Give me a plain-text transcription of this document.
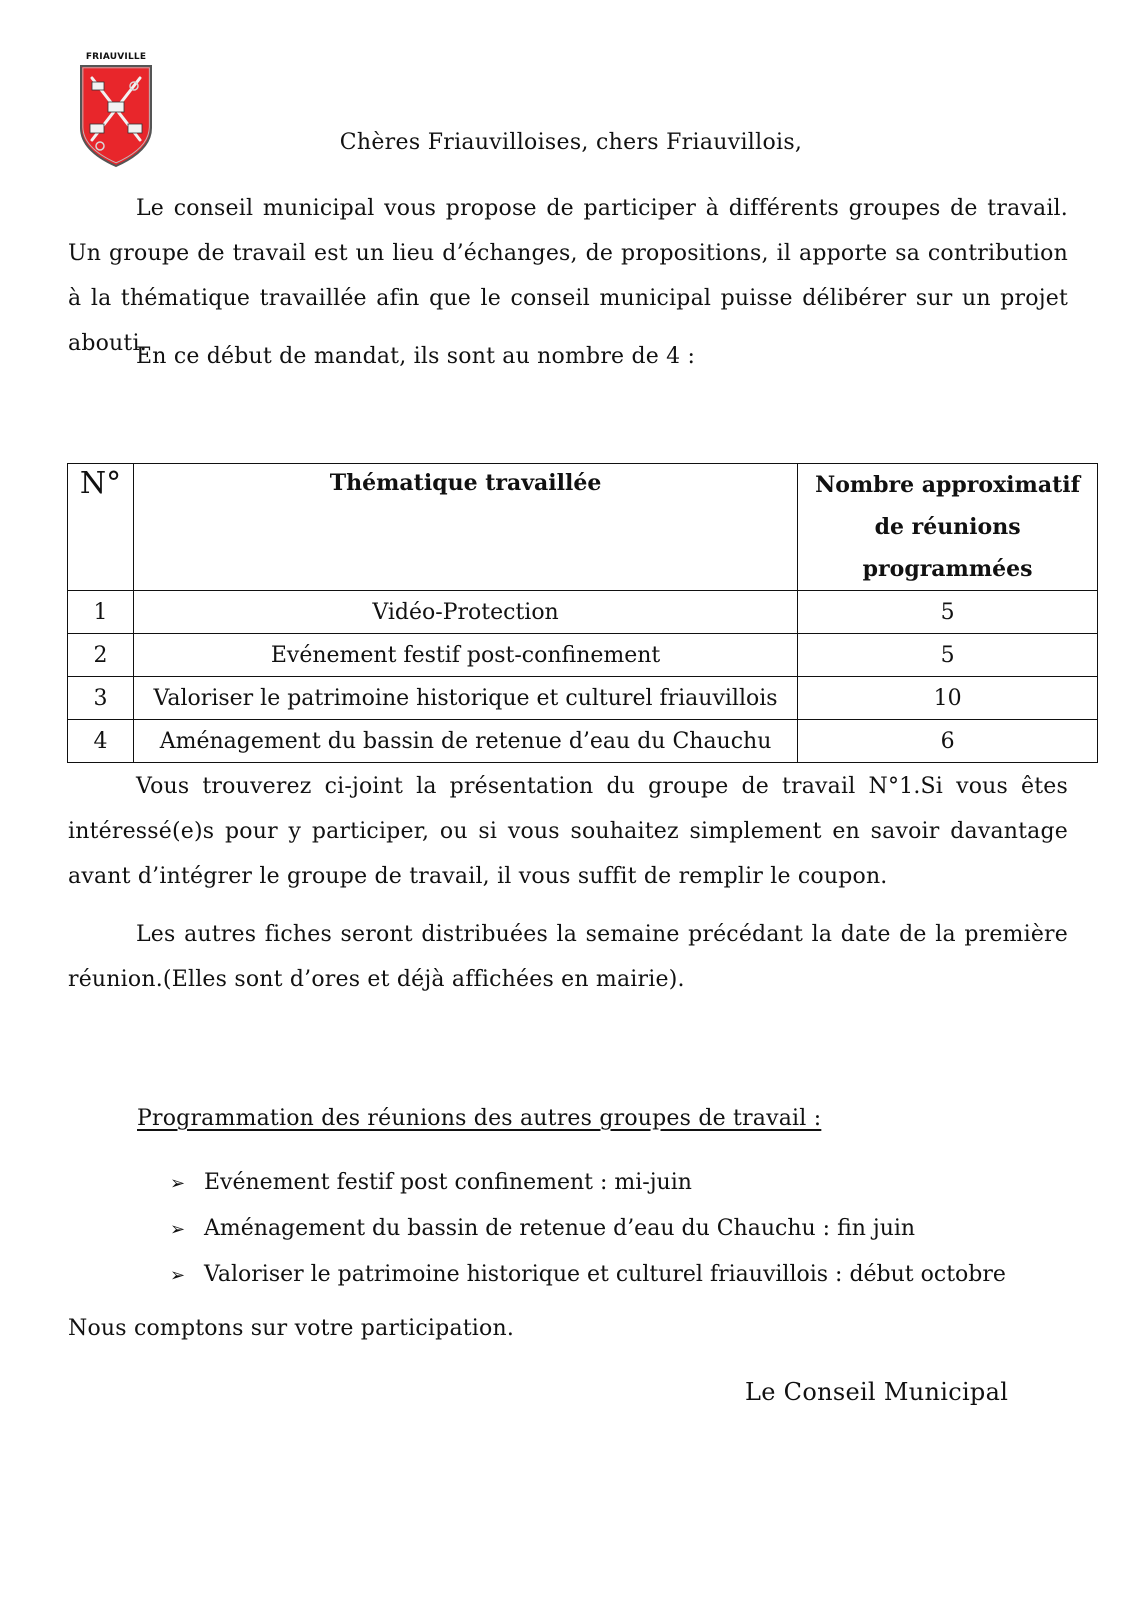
FRIAUVILLE
Chères Friauvilloises, chers Friauvillois,
Le conseil municipal vous propose de participer à différents groupes de travail. Un groupe de travail est un lieu d’échanges, de propositions, il apporte sa contribution à la thématique travaillée afin que le conseil municipal puisse délibérer sur un projet abouti.
En ce début de mandat, ils sont au nombre de 4 :
N°	Thématique travaillée	Nombre approximatif de réunions programmées
1	Vidéo-Protection	5
2	Evénement festif post-confinement	5
3	Valoriser le patrimoine historique et culturel friauvillois	10
4	Aménagement du bassin de retenue d’eau du Chauchu	6
Vous trouverez ci-joint la présentation du groupe de travail N°1.Si vous êtes intéressé(e)s pour y participer, ou si vous souhaitez simplement en savoir davantage avant d’intégrer le groupe de travail, il vous suffit de remplir le coupon.
Les autres fiches seront distribuées la semaine précédant la date de la première réunion.(Elles sont d’ores et déjà affichées en mairie).
Programmation des réunions des autres groupes de travail :
➢ Evénement festif post confinement : mi-juin
➢ Aménagement du bassin de retenue d’eau du Chauchu : fin juin
➢ Valoriser le patrimoine historique et culturel friauvillois : début octobre
Nous comptons sur votre participation.
Le Conseil Municipal
